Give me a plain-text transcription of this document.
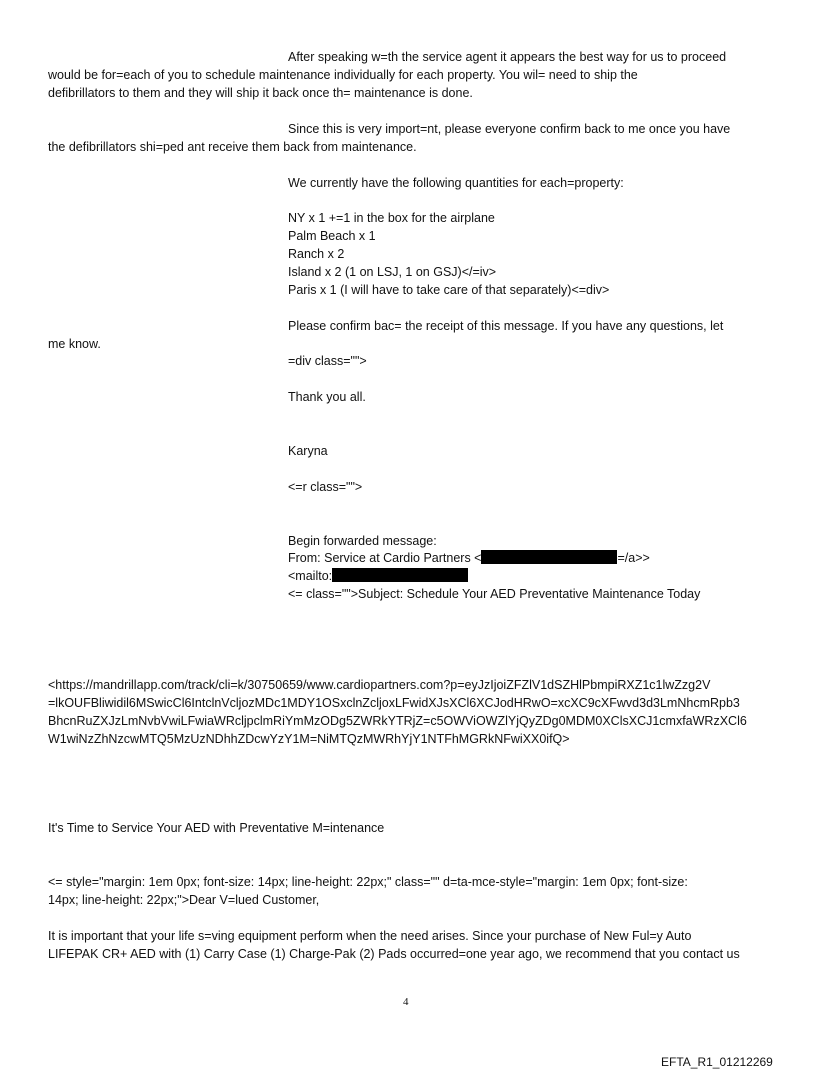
After speaking w=th the service agent it appears the best way for us to proceed
would be for=each of you to schedule maintenance individually for each property. You wil= need to ship the
defibrillators to them and they will ship it back once th= maintenance is done.
Since this is very import=nt, please everyone confirm back to me once you have
the defibrillators shi=ped ant receive them back from maintenance.
We currently have the following quantities for each=property:
NY x 1 +=1 in the box for the airplane
Palm Beach x 1
Ranch x 2
Island x 2 (1 on LSJ, 1 on GSJ)</=iv>
Paris x 1 (I will have to take care of that separately)<=div>
Please confirm bac= the receipt of this message. If you have any questions, let
me know.
=div class="">
Thank you all.
Karyna
<=r class="">
Begin forwarded message:
From: Service at Cardio Partners <	=/a>>
<mailto:
<= class="">Subject: Schedule Your AED Preventative Maintenance Today
<https://mandrillapp.com/track/cli=k/30750659/www.cardiopartners.com?p=eyJzIjoiZFZlV1dSZHlPbmpiRXZ1c1lwZzg2V
=lkOUFBliwidil6MSwicCl6IntclnVcljozMDc1MDY1OSxclnZcljoxLFwidXJsXCl6XCJodHRwO=xcXC9cXFwvd3d3LmNhcmRpb3
BhcnRuZXJzLmNvbVwiLFwiaWRcljpclmRiYmMzODg5ZWRkYTRjZ=c5OWViOWZlYjQyZDg0MDM0XClsXCJ1cmxfaWRzXCl6
W1wiNzZhNzcwMTQ5MzUzNDhhZDcwYzY1M=NiMTQzMWRhYjY1NTFhMGRkNFwiXX0ifQ>
It's Time to Service Your AED with Preventative M=intenance
<= style="margin: 1em 0px; font-size: 14px; line-height: 22px;" class="" d=ta-mce-style="margin: 1em 0px; font-size:
14px; line-height: 22px;">Dear V=lued Customer,
It is important that your life s=ving equipment perform when the need arises. Since your purchase of New Ful=y Auto
LIFEPAK CR+ AED with (1) Carry Case (1) Charge-Pak (2) Pads occurred=one year ago, we recommend that you contact us
4
EFTA_R1_01212269
